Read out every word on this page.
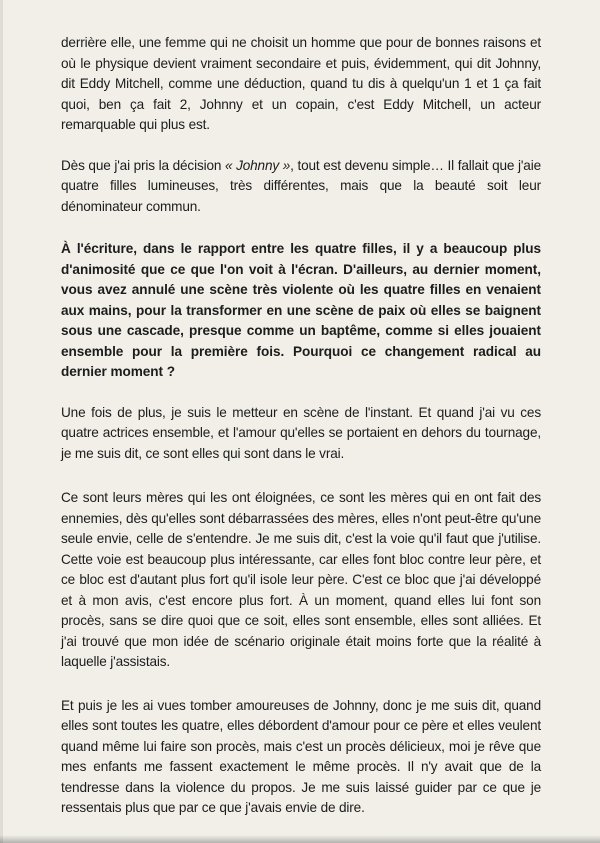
derrière elle, une femme qui ne choisit un homme que pour de bonnes raisons et où le physique devient vraiment secondaire et puis, évidemment, qui dit Johnny, dit Eddy Mitchell, comme une déduction, quand tu dis à quelqu'un 1 et 1 ça fait quoi, ben ça fait 2, Johnny et un copain, c'est Eddy Mitchell, un acteur remarquable qui plus est.

Dès que j'ai pris la décision « Johnny », tout est devenu simple… Il fallait que j'aie quatre filles lumineuses, très différentes, mais que la beauté soit leur dénominateur commun.

À l'écriture, dans le rapport entre les quatre filles, il y a beaucoup plus d'animosité que ce que l'on voit à l'écran. D'ailleurs, au dernier moment, vous avez annulé une scène très violente où les quatre filles en venaient aux mains, pour la transformer en une scène de paix où elles se baignent sous une cascade, presque comme un baptême, comme si elles jouaient ensemble pour la première fois. Pourquoi ce changement radical au dernier moment ?

Une fois de plus, je suis le metteur en scène de l'instant. Et quand j'ai vu ces quatre actrices ensemble, et l'amour qu'elles se portaient en dehors du tournage, je me suis dit, ce sont elles qui sont dans le vrai.

Ce sont leurs mères qui les ont éloignées, ce sont les mères qui en ont fait des ennemies, dès qu'elles sont débarrassées des mères, elles n'ont peut-être qu'une seule envie, celle de s'entendre. Je me suis dit, c'est la voie qu'il faut que j'utilise. Cette voie est beaucoup plus intéressante, car elles font bloc contre leur père, et ce bloc est d'autant plus fort qu'il isole leur père. C'est ce bloc que j'ai développé et à mon avis, c'est encore plus fort. À un moment, quand elles lui font son procès, sans se dire quoi que ce soit, elles sont ensemble, elles sont alliées. Et j'ai trouvé que mon idée de scénario originale était moins forte que la réalité à laquelle j'assistais.

Et puis je les ai vues tomber amoureuses de Johnny, donc je me suis dit, quand elles sont toutes les quatre, elles débordent d'amour pour ce père et elles veulent quand même lui faire son procès, mais c'est un procès délicieux, moi je rêve que mes enfants me fassent exactement le même procès. Il n'y avait que de la tendresse dans la violence du propos. Je me suis laissé guider par ce que je ressentais plus que par ce que j'avais envie de dire.
